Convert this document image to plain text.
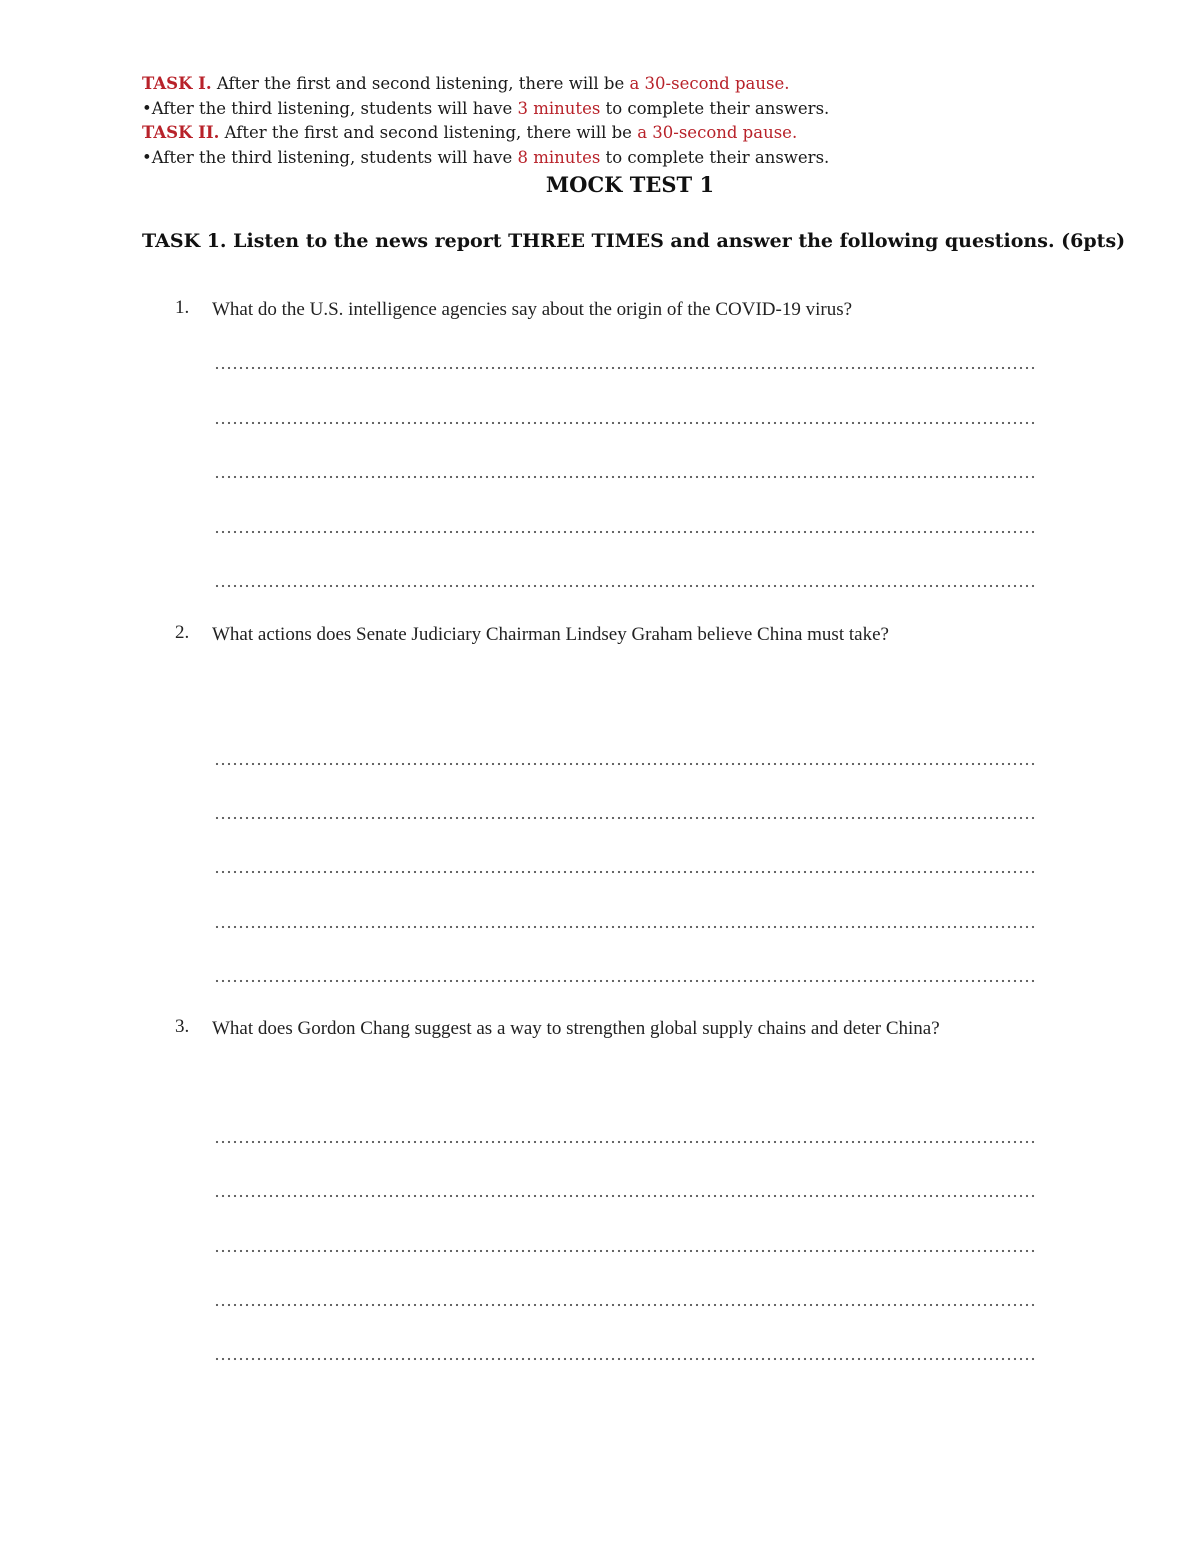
TASK I. After the first and second listening, there will be a 30-second pause.
•After the third listening, students will have 3 minutes to complete their answers.
TASK II. After the first and second listening, there will be a 30-second pause.
•After the third listening, students will have 8 minutes to complete their answers.
MOCK TEST 1
TASK 1. Listen to the news report THREE TIMES and answer the following questions. (6pts)
1. What do the U.S. intelligence agencies say about the origin of the COVID-19 virus?
2. What actions does Senate Judiciary Chairman Lindsey Graham believe China must take?
3. What does Gordon Chang suggest as a way to strengthen global supply chains and deter China?
